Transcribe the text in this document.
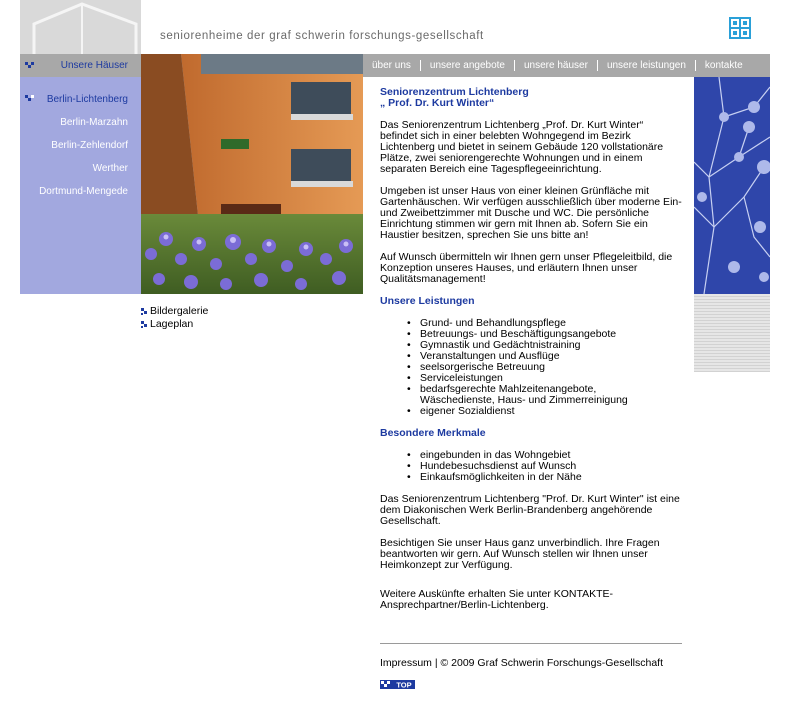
seniorenheime der graf schwerin forschungs-gesellschaft
Unsere Häuser
Berlin-Lichtenberg
Berlin-Marzahn
Berlin-Zehlendorf
Werther
Dortmund-Mengede
über uns	unsere angebote	unsere häuser	unsere leistungen	kontakte
Bildergalerie
Lageplan
Seniorenzentrum Lichtenberg
„ Prof. Dr. Kurt Winter“

Das Seniorenzentrum Lichtenberg „Prof. Dr. Kurt Winter“ befindet sich in einer belebten Wohngegend im Bezirk Lichtenberg und bietet in seinem Gebäude 120 vollstationäre Plätze, zwei seniorengerechte Wohnungen und in einem separaten Bereich eine Tagespflegeeinrichtung.

Umgeben ist unser Haus von einer kleinen Grünfläche mit Gartenhäuschen. Wir verfügen ausschließlich über moderne Ein- und Zweibettzimmer mit Dusche und WC. Die persönliche Einrichtung stimmen wir gern mit Ihnen ab. Sofern Sie ein Haustier besitzen, sprechen Sie uns bitte an!

Auf Wunsch übermitteln wir Ihnen gern unser Pflegeleitbild, die Konzeption unseres Hauses, und erläutern Ihnen unser Qualitätsmanagement!

Unsere Leistungen
• Grund- und Behandlungspflege
• Betreuungs- und Beschäftigungsangebote
• Gymnastik und Gedächtnistraining
• Veranstaltungen und Ausflüge
• seelsorgerische Betreuung
• Serviceleistungen
• bedarfsgerechte Mahlzeitenangebote, Wäschedienste, Haus- und Zimmerreinigung
• eigener Sozialdienst
Besondere Merkmale
• eingebunden in das Wohngebiet
• Hundebesuchsdienst auf Wunsch
• Einkaufsmöglichkeiten in der Nähe

Das Seniorenzentrum Lichtenberg "Prof. Dr. Kurt Winter" ist eine dem Diakonischen Werk Berlin-Brandenberg angehörende Gesellschaft.

Besichtigen Sie unser Haus ganz unverbindlich. Ihre Fragen beantworten wir gern. Auf Wunsch stellen wir Ihnen unser Heimkonzept zur Verfügung.

Weitere Auskünfte erhalten Sie unter KONTAKTE-Ansprechpartner/Berlin-Lichtenberg.

Impressum | © 2009 Graf Schwerin Forschungs-Gesellschaft
TOP
